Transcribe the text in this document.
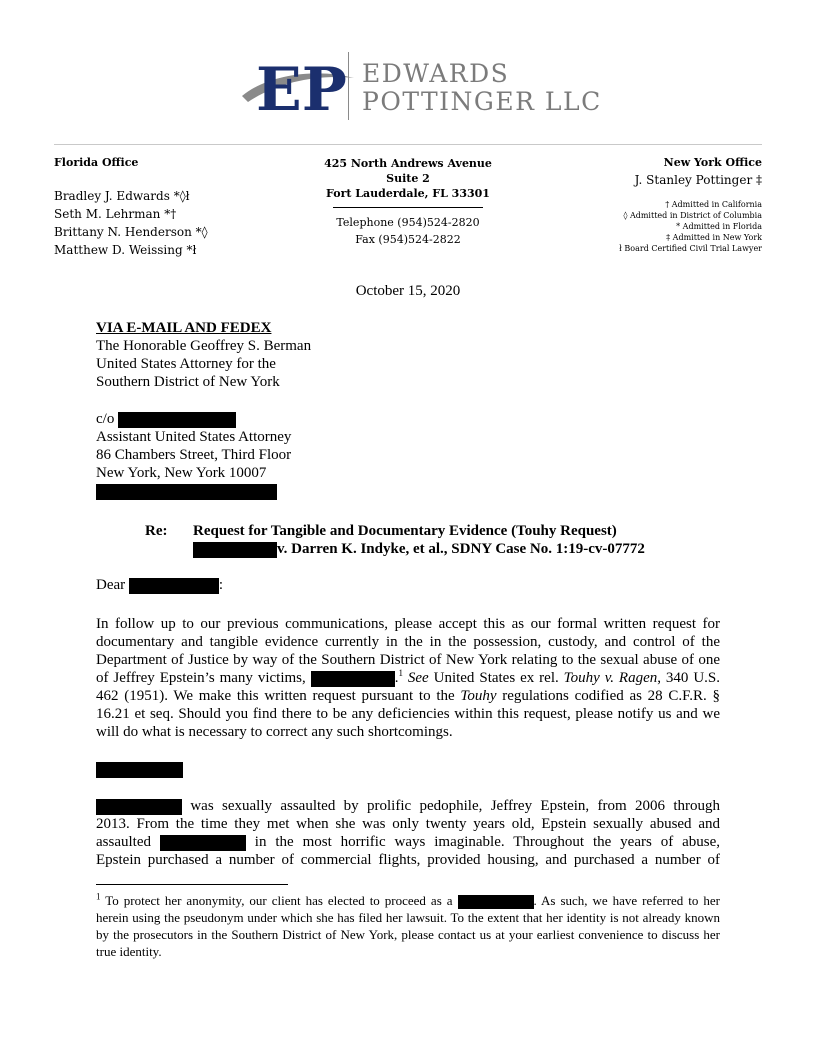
EP EDWARDS
POTTINGER LLC
Florida Office
Bradley J. Edwards *◊ł
Seth M. Lehrman *†
Brittany N. Henderson *◊
Matthew D. Weissing *ł
425 North Andrews Avenue
Suite 2
Fort Lauderdale, FL 33301
Telephone (954)524-2820
Fax (954)524-2822
New York Office
J. Stanley Pottinger ‡
† Admitted in California
◊ Admitted in District of Columbia
* Admitted in Florida
‡ Admitted in New York
ł Board Certified Civil Trial Lawyer
October 15, 2020
VIA E-MAIL AND FEDEX
The Honorable Geoffrey S. Berman
United States Attorney for the
Southern District of New York
c/o
Assistant United States Attorney
86 Chambers Street, Third Floor
New York, New York 10007
Re: Request for Tangible and Documentary Evidence (Touhy Request)
v. Darren K. Indyke, et al., SDNY Case No. 1:19-cv-07772
Dear	:
In follow up to our previous communications, please accept this as our formal written request for documentary and tangible evidence currently in the in the possession, custody, and control of the Department of Justice by way of the Southern District of New York relating to the sexual abuse of one of Jeffrey Epstein’s many victims,	.$^1$ See United States ex rel. Touhy v. Ragen, 340 U.S. 462 (1951). We make this written request pursuant to the Touhy regulations codified as 28 C.F.R. § 16.21 et seq. Should you find there to be any deficiencies within this request, please notify us and we will do what is necessary to correct any such shortcomings.
was sexually assaulted by prolific pedophile, Jeffrey Epstein, from 2006 through
2013. From the time they met when she was only twenty years old, Epstein sexually abused and
assaulted	in the most horrific ways imaginable. Throughout the years of abuse,
Epstein purchased a number of commercial flights, provided housing, and purchased a number of
$^1$ To protect her anonymity, our client has elected to proceed as a	. As such, we have referred to her herein using the pseudonym under which she has filed her lawsuit. To the extent that her identity is not already known by the prosecutors in the Southern District of New York, please contact us at your earliest convenience to discuss her true identity.
